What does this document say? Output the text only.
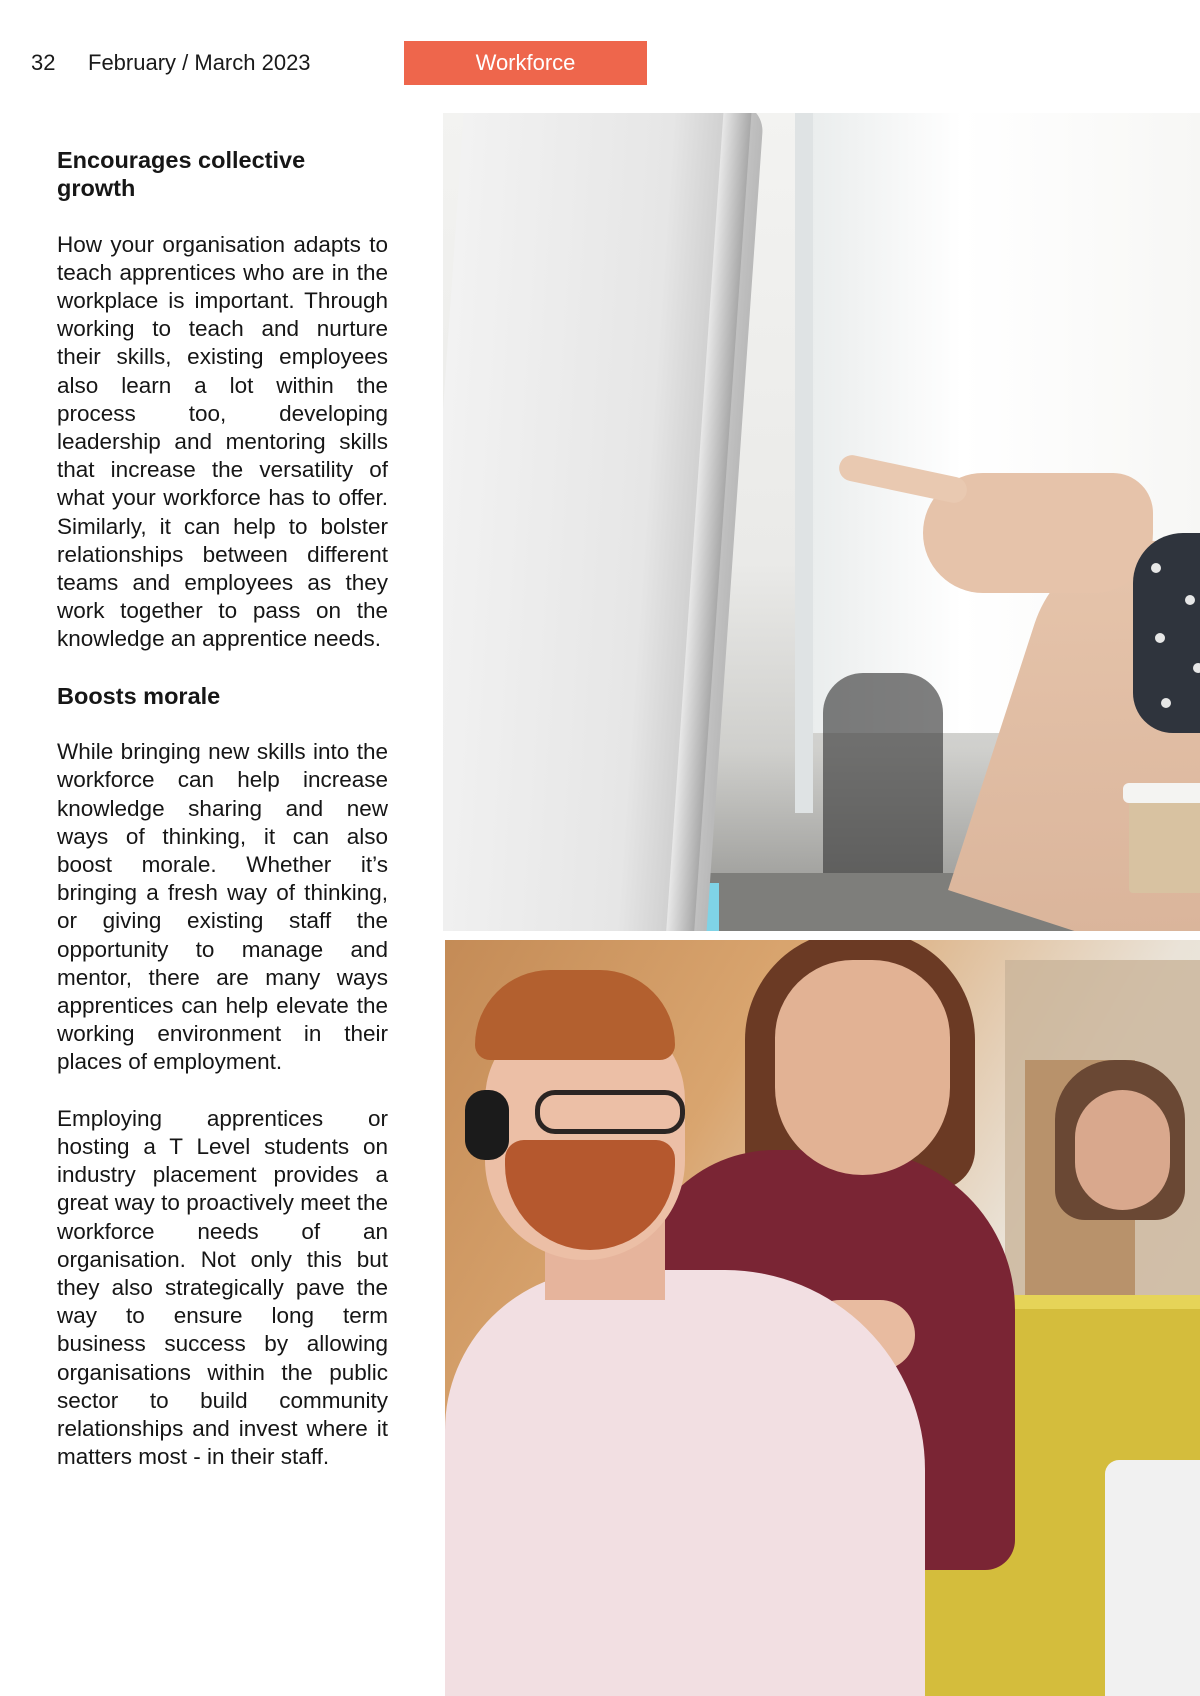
32 February / March 2023	Workforce
Encourages collective growth

How your organisation adapts to teach apprentices who are in the workplace is important. Through working to teach and nurture their skills, existing employees also learn a lot within the process too, developing leadership and mentoring skills that increase the versatility of what your workforce has to offer. Similarly, it can help to bolster relationships between different teams and employees as they work together to pass on the knowledge an apprentice needs.

Boosts morale

While bringing new skills into the workforce can help increase knowledge sharing and new ways of thinking, it can also boost morale. Whether it’s bringing a fresh way of thinking, or giving existing staff the opportunity to manage and mentor, there are many ways apprentices can help elevate the working environment in their places of employment.

Employing apprentices or hosting a T Level students on industry placement provides a great way to proactively meet the workforce needs of an organisation. Not only this but they also strategically pave the way to ensure long term business success by allowing organisations within the public sector to build community relationships and invest where it matters most - in their staff.
